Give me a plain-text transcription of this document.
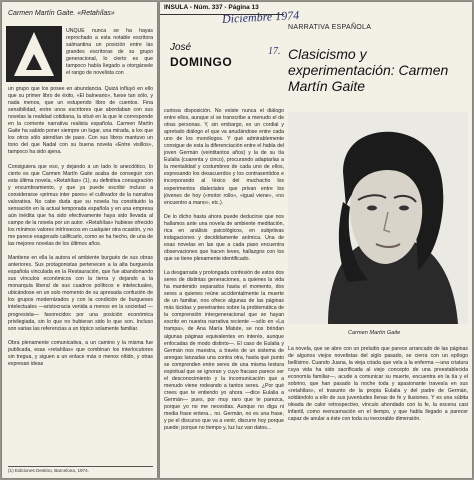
Carmen Martín Gaite. «Retahílas»
UNQUE nunca se ha hayas reprochado a esta notable escritora salmantina un posición entre las grandes escritoras de su grupo generacional, lo cierto es que tampoco había llegado a otorgársele el rango de novelista con
un grupo que los posee en abundancia. Quizá influyó en ello que su primer libro de éxito, «El balneario», fuese tan sólo, y nada menos, que un estupendo libro de cuentos. Fina sensibilidad, entre unos escritores que abordaban con sus novelas la realidad cotidiana, la situó en la que le corresponde en la corriente narrativa realista española. Carmen Martín Gaite ha sabido poner siempre un lugar, una mirada, a los que los otros sólo atendían de paso. Con sus libros mantuvo un tono del que Nadal con su buena novela «Entre visillos», tampoco ha sido ajena.

Consiguiera que eso, y dejando a un lado lo anecdótico, lo cierto es que Carmen Martín Gaite acaba de conseguir con esta última novela, «Retahílas» (1), su definitiva consagración y encumbramiento, y que ya puede escribir incluso a considerarse «primus inter pares» el cultivador de la narrativa valorativa. No cabe duda que su novela ha constituido la sensación en la actual temporada española y en una empresa aún inédita que ha sido efectivamente haya sido llevada al campo de la novela por un autor. «Retahílas» hubiese ofrecido los mínimos valores intrínsecos en cualquier otra ocasión, y no me parece exagerado calificarlo, como se ha hecho, de una de las mejores novelas de los últimos años.

Mantiene en ella la autora el ambiente burgués de sus obras anteriores. Sus protagonistas pertenecen a la alta burguesía española vinculada en la Restauración, que fue abandonando sus vínculos económicos con la tierra y dejando a la monarquía liberal de sus cuadros políticos e intelectuales, ubicándose en un solo momento de su apresada confusión de los grupos modernizados y con la condición de burgueses intelectuales —aristocracia venida a menos en la sociedad —progresista— favorecidos por una posición económica privilegiada, sin lo que no hubieran sido lo que son. Incluso son varias las referencias a un tópico solamente familiar.

Obra plenamente comunicativa, a un camino y la misma fue publicada, esas «retahílas» que combinan los interlocutores sin tregua, y siguen a un enlace más o menos nítido, y otras expresan ideas
(1) Ediciones Destino, Barcelona, 1974.
INSULA - Núm. 337 - Página 13
Diciembre 1974
17.
José
DOMINGO
NARRATIVA ESPAÑOLA
Clasicismo y experimentación: Carmen Martín Gaite
curiosa disposición. No existe nunca el diálogo entre ellos, aunque sí se transcribe a menudo el de otras personas. Y, sin embargo, es un cordial y apretado diálogo el que va anudándose entre cada uno de los monólogos. Y qué admirablemente consigue de esta la diferenciación entre el habla del joven Germán (veintitantos años) y la de su tía Eulalia (cuarenta y cinco), procurando adaptarlas a la mentalidad y costumbres de cada uno de ellos, expresando los desacuerdos y los contrasentidos e incorporando al léxico del muchacho los experimentos dialectales que privan entre los jóvenes de hoy («motor rollo», «igual viene», «no encuentro a mano», etc.).

De lo dicho hasta ahora puede deducirse que nos hallamos ante una novela de ambiente meditación, rica en análisis psicológicos, en subjetivas indagaciones y decididamente anímica. Una de esas novelas en las que a cada paso encuentra observaciones que hacen leves, hallazgos con los que se tiene plenamente identificado.

La desgarrada y prolongada confesión de estos dos seres de distintas generaciones, a quienes la vida ha mantenido separados hasta el momento, dos seres a quienes reúne accidentalmente la muerte de un familiar, nos ofrece algunas de las páginas más lúcidas y penetrantes sobre la problemática de la comprensión intergeneracional que se hayan escrito en nuestra narrativa reciente —sólo en «La trampa», de Ana María Matute, se nos brindan algunas páginas equivalentes en interés, aunque enfocadas de modo distinto—. El caso de Eulalia y Germán nos muestra, a través de un sistema de arengas lanzadas una contra otra, hasta qué punto se comprenden entre seres de una misma textura espiritual que se ignoran y cuyo fracaso parece ser el desconocimiento y la incomunicación que a menudo viene rodeando a tantos seres. ¿Por qué crees que te entiendo yo ahora —dice Eulalia a Germán— pues, por muy raro que te parezca, porque yo no me necesitas. Aunque no diga ni media frase entera... no. Germán, no es una frase, y pe el discurso que va a venir, discurre hoy porque puede; porque no tiempo y, luz luz van datos...
Carmen Martín Gaite
La novela, que se abre con un preludio que parece arrancado de las páginas de algunos viejos novelistas del siglo pasado, se cierra con un epílogo bellísimo. Cuando Juana, la vieja criada que vela a la enferma —una criatura cuya vida ha sido sacrificada al viejo concepto de una preestablecida economía familiar—, acude a comunicar su muerte, encuentra en la tía y el sobrino, que han pasado la noche toda y apasionante travesía en sus «retahílas», el trasunto de la propia Eulalia y del padre de Germán, soldándolo a ello de sus juventudes llenas de fe y ilusiones. Y es una súbita oleada de calor retrospectivo, vínculo ahondado con la fe, la escena casi infantil, como reencarnación en el tiempo, y que habla llegado a parecer capaz de anular a éste con toda su inexorable dimensión.
